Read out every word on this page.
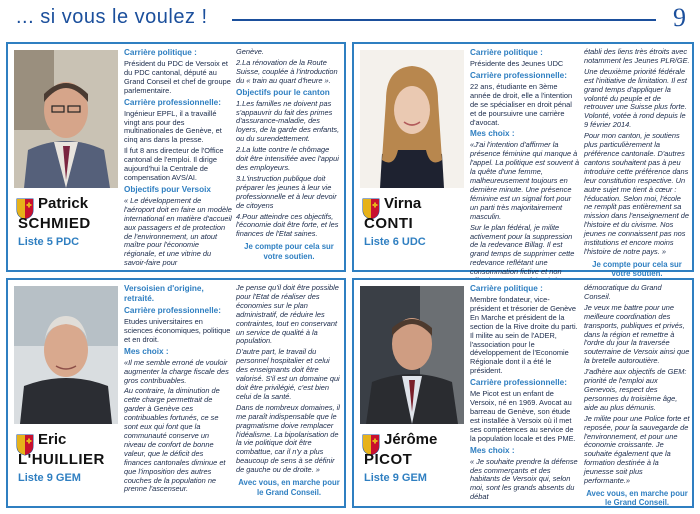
... si vous le voulez !	9
Patrick
SCHMIED
Liste 5 PDC

Carrière politique :

Président du PDC de Versoix et du PDC cantonal, député au Grand Conseil et chef de groupe parlementaire.

Carrière professionnelle:

Ingénieur EPFL, il a travaillé vingt ans pour des multinationales de Genève, et cinq ans dans la presse.

Il fut 8 ans directeur de l'Office cantonal de l'emploi. Il dirige aujourd'hui la Centrale de compensation AVS/AI.

Objectifs pour Versoix

« Le développement de l'aéroport doit en faire un modèle international en matière d'accueil aux passagers et de protection de l'environnement, un atout maître pour l'économie régionale, et une vitrine du savoir-faire pour

Genève.

2.La rénovation de la Route Suisse, couplée à l'introduction du « train au quart d'heure ».

Objectifs pour le canton

1.Les familles ne doivent pas s'appauvrir du fait des primes d'assurance-maladie, des loyers, de la garde des enfants, ou du surendettement.

2.La lutte contre le chômage doit être intensifiée avec l'appui des employeurs.

3.L'instruction publique doit préparer les jeunes à leur vie professionnelle et à leur devoir de citoyens

4.Pour atteindre ces objectifs, l'économie doit être forte, et les finances de l'Etat saines.

Je compte pour cela sur votre soutien.

Virna
CONTI
Liste 6 UDC

Carrière politique :

Présidente des Jeunes UDC

Carrière professionnelle:

22 ans, étudiante en 3ème année de droit, elle a l'intention de se spécialiser en droit pénal et de poursuivre une carrière d'avocat.

Mes choix :

«J'ai l'intention d'affirmer la présence féminine qui manque à l'appel. La politique est souvent à la quête d'une femme, malheureusement toujours en dernière minute. Une présence féminine est un signal fort pour un parti très majoritairement masculin.

Sur le plan fédéral, je milite activement pour la suppression de la redevance Billag. Il est grand temps de supprimer cette redevance reflétant une consommation fictive et non

établi des liens très étroits avec notamment les Jeunes PLR/GE.

Une deuxième priorité fédérale est l'initiative de limitation. Il est grand temps d'appliquer la volonté du peuple et de retrouver une Suisse plus forte. Volonté, votée à rond depuis le 9 février 2014.

Pour mon canton, je soutiens plus particulièrement la préférence cantonale. D'autres cantons souhaitent pas à peu introduire cette préférence dans leur constitution respective. Un autre sujet me tient à cœur : l'éducation. Selon moi, l'école ne remplit pas entièrement sa mission dans l'enseignement de l'histoire et du civisme. Nos jeunes ne connaissent pas nos institutions et encore moins l'histoire de notre pays. »

Je compte pour cela sur votre soutien.

Eric
L'HUILLIER
Liste 9 GEM

Versoisien d'origine, retraité.

Carrière professionnelle:

Etudes universitaires en sciences économiques, politique et en droit.

Mes choix :

«Il me semble erroné de vouloir augmenter la charge fiscale des gros contribuables.

Au contraire, la diminution de cette charge permettrait de garder à Genève ces contribuables fortunés, ce se sont eux qui font que la communauté conserve un niveau de confort de bonne valeur, que le déficit des finances cantonales diminue et que l'imposition des autres couches de la population ne prenne l'ascenseur.

Je pense qu'il doit être possible pour l'Etat de réaliser des économies sur le plan administratif, de réduire les contraintes, tout en conservant un service de qualité à la population.

D'autre part, le travail du personnel hospitalier et celui des enseignants doit être valorisé. S'il est un domaine qui doit être privilégié, c'est bien celui de la santé.

Dans de nombreux domaines, il me paraît indispensable que le pragmatisme doive remplacer l'idéalisme. La bipolarisation de la vie politique doit être combattue, car il n'y a plus beaucoup de sens à se définir de gauche ou de droite. »

Avec vous, en marche pour le Grand Conseil.

Jérôme
PICOT
Liste 9 GEM

Carrière politique :

Membre fondateur, vice-président et trésorier de Genève En Marche et président de la section de la Rive droite du parti. Il milite au sein de l'ADER, l'association pour le développement de l'Economie Régionale dont il a été le président.

Carrière professionnelle:

Me Picot est un enfant de Versoix, né en 1969. Avocat au barreau de Genève, son étude est installée à Versoix où il met ses compétences au service de la population locale et des PME.

Mes choix :

« Je souhaite prendre la défense des commerçants et des habitants de Versoix qui, selon moi, sont les grands absents du débat

démocratique du Grand Conseil.

Je veux me battre pour une meilleure coordination des transports, publiques et privés, dans la région et remettre à l'ordre du jour la traversée souterraine de Versoix ainsi que la bretelle autoroutière.

J'adhère aux objectifs de GEM: priorité de l'emploi aux Genevois, respect des personnes du troisième âge, aide au plus démunis.

Je milite pour une Police forte et reposée, pour la sauvegarde de l'environnement, et pour une économie croissante. Je souhaite également que la formation destinée à la jeunesse soit plus performante.»

Avec vous, en marche pour le Grand Conseil.
